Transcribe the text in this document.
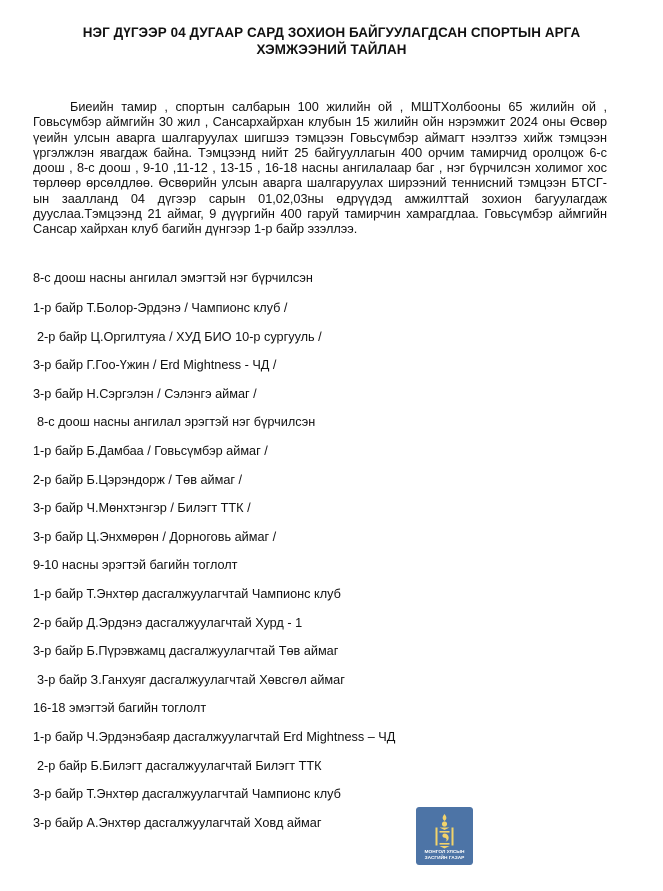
НЭГ ДҮГЭЭР 04 ДУГААР САРД ЗОХИОН БАЙГУУЛАГДСАН СПОРТЫН АРГА ХЭМЖЭЭНИЙ ТАЙЛАН
Биеийн тамир , спортын салбарын 100 жилийн ой , МШТХолбооны 65 жилийн ой , Говьсүмбэр аймгийн 30 жил , Сансархайрхан клубын 15 жилийн ойн нэрэмжит 2024 оны Өсвөр үеийн улсын аварга шалгаруулах шигшээ тэмцээн Говьсүмбэр аймагт нээлтээ хийж тэмцээн үргэлжлэн явагдаж байна. Тэмцээнд нийт 25 байгууллагын 400 орчим тамирчид оролцож 6-с доош , 8-с доош , 9-10 ,11-12 , 13-15 , 16-18 насны ангилалаар баг , нэг бүрчилсэн холимог хос төрлөөр өрсөлдлөө. Өсвөрийн улсын аварга шалгаруулах ширээний теннисний тэмцээн БТСГ-ын заалланд 04 дүгээр сарын 01,02,03ны өдрүүдэд амжилттай зохион багуулагдаж дууслаа.Тэмцээнд 21 аймаг, 9 дүүргийн 400 гаруй тамирчин хамрагдлаа. Говьсүмбэр аймгийн Сансар хайрхан клуб багийн дүнгээр 1-р байр эзэллээ.
8-с доош насны ангилал эмэгтэй нэг бүрчилсэн
1-р байр Т.Болор-Эрдэнэ / Чампионс клуб /
2-р байр Ц.Оргилтуяа / ХУД БИО 10-р сургууль /
3-р байр Г.Гоо-Үжин / Erd Mightness - ЧД /
3-р байр Н.Сэргэлэн / Сэлэнгэ аймаг /
8-с доош насны ангилал эрэгтэй нэг бүрчилсэн
1-р байр Б.Дамбаа / Говьсүмбэр аймаг /
2-р байр Б.Цэрэндорж / Төв аймаг /
3-р байр Ч.Мөнхтэнгэр / Билэгт ТТК /
3-р байр Ц.Энхмөрөн / Дорноговь аймаг /
9-10 насны эрэгтэй багийн тоглолт
1-р байр Т.Энхтөр дасгалжуулагчтай Чампионс клуб
2-р байр Д.Эрдэнэ дасгалжуулагчтай Хурд - 1
3-р байр Б.Пүрэвжамц дасгалжуулагчтай Төв аймаг
3-р байр З.Ганхуяг дасгалжуулагчтай Хөвсгөл аймаг
16-18 эмэгтэй багийн тоглолт
1-р байр Ч.Эрдэнэбаяр дасгалжуулагчтай Erd Mightness – ЧД
2-р байр Б.Билэгт дасгалжуулагчтай Билэгт ТТК
3-р байр Т.Энхтөр дасгалжуулагчтай Чампионс клуб
3-р байр А.Энхтөр дасгалжуулагчтай Ховд аймаг
МОНГОЛ УЛСЫН
ЗАСГИЙН ГАЗАР
